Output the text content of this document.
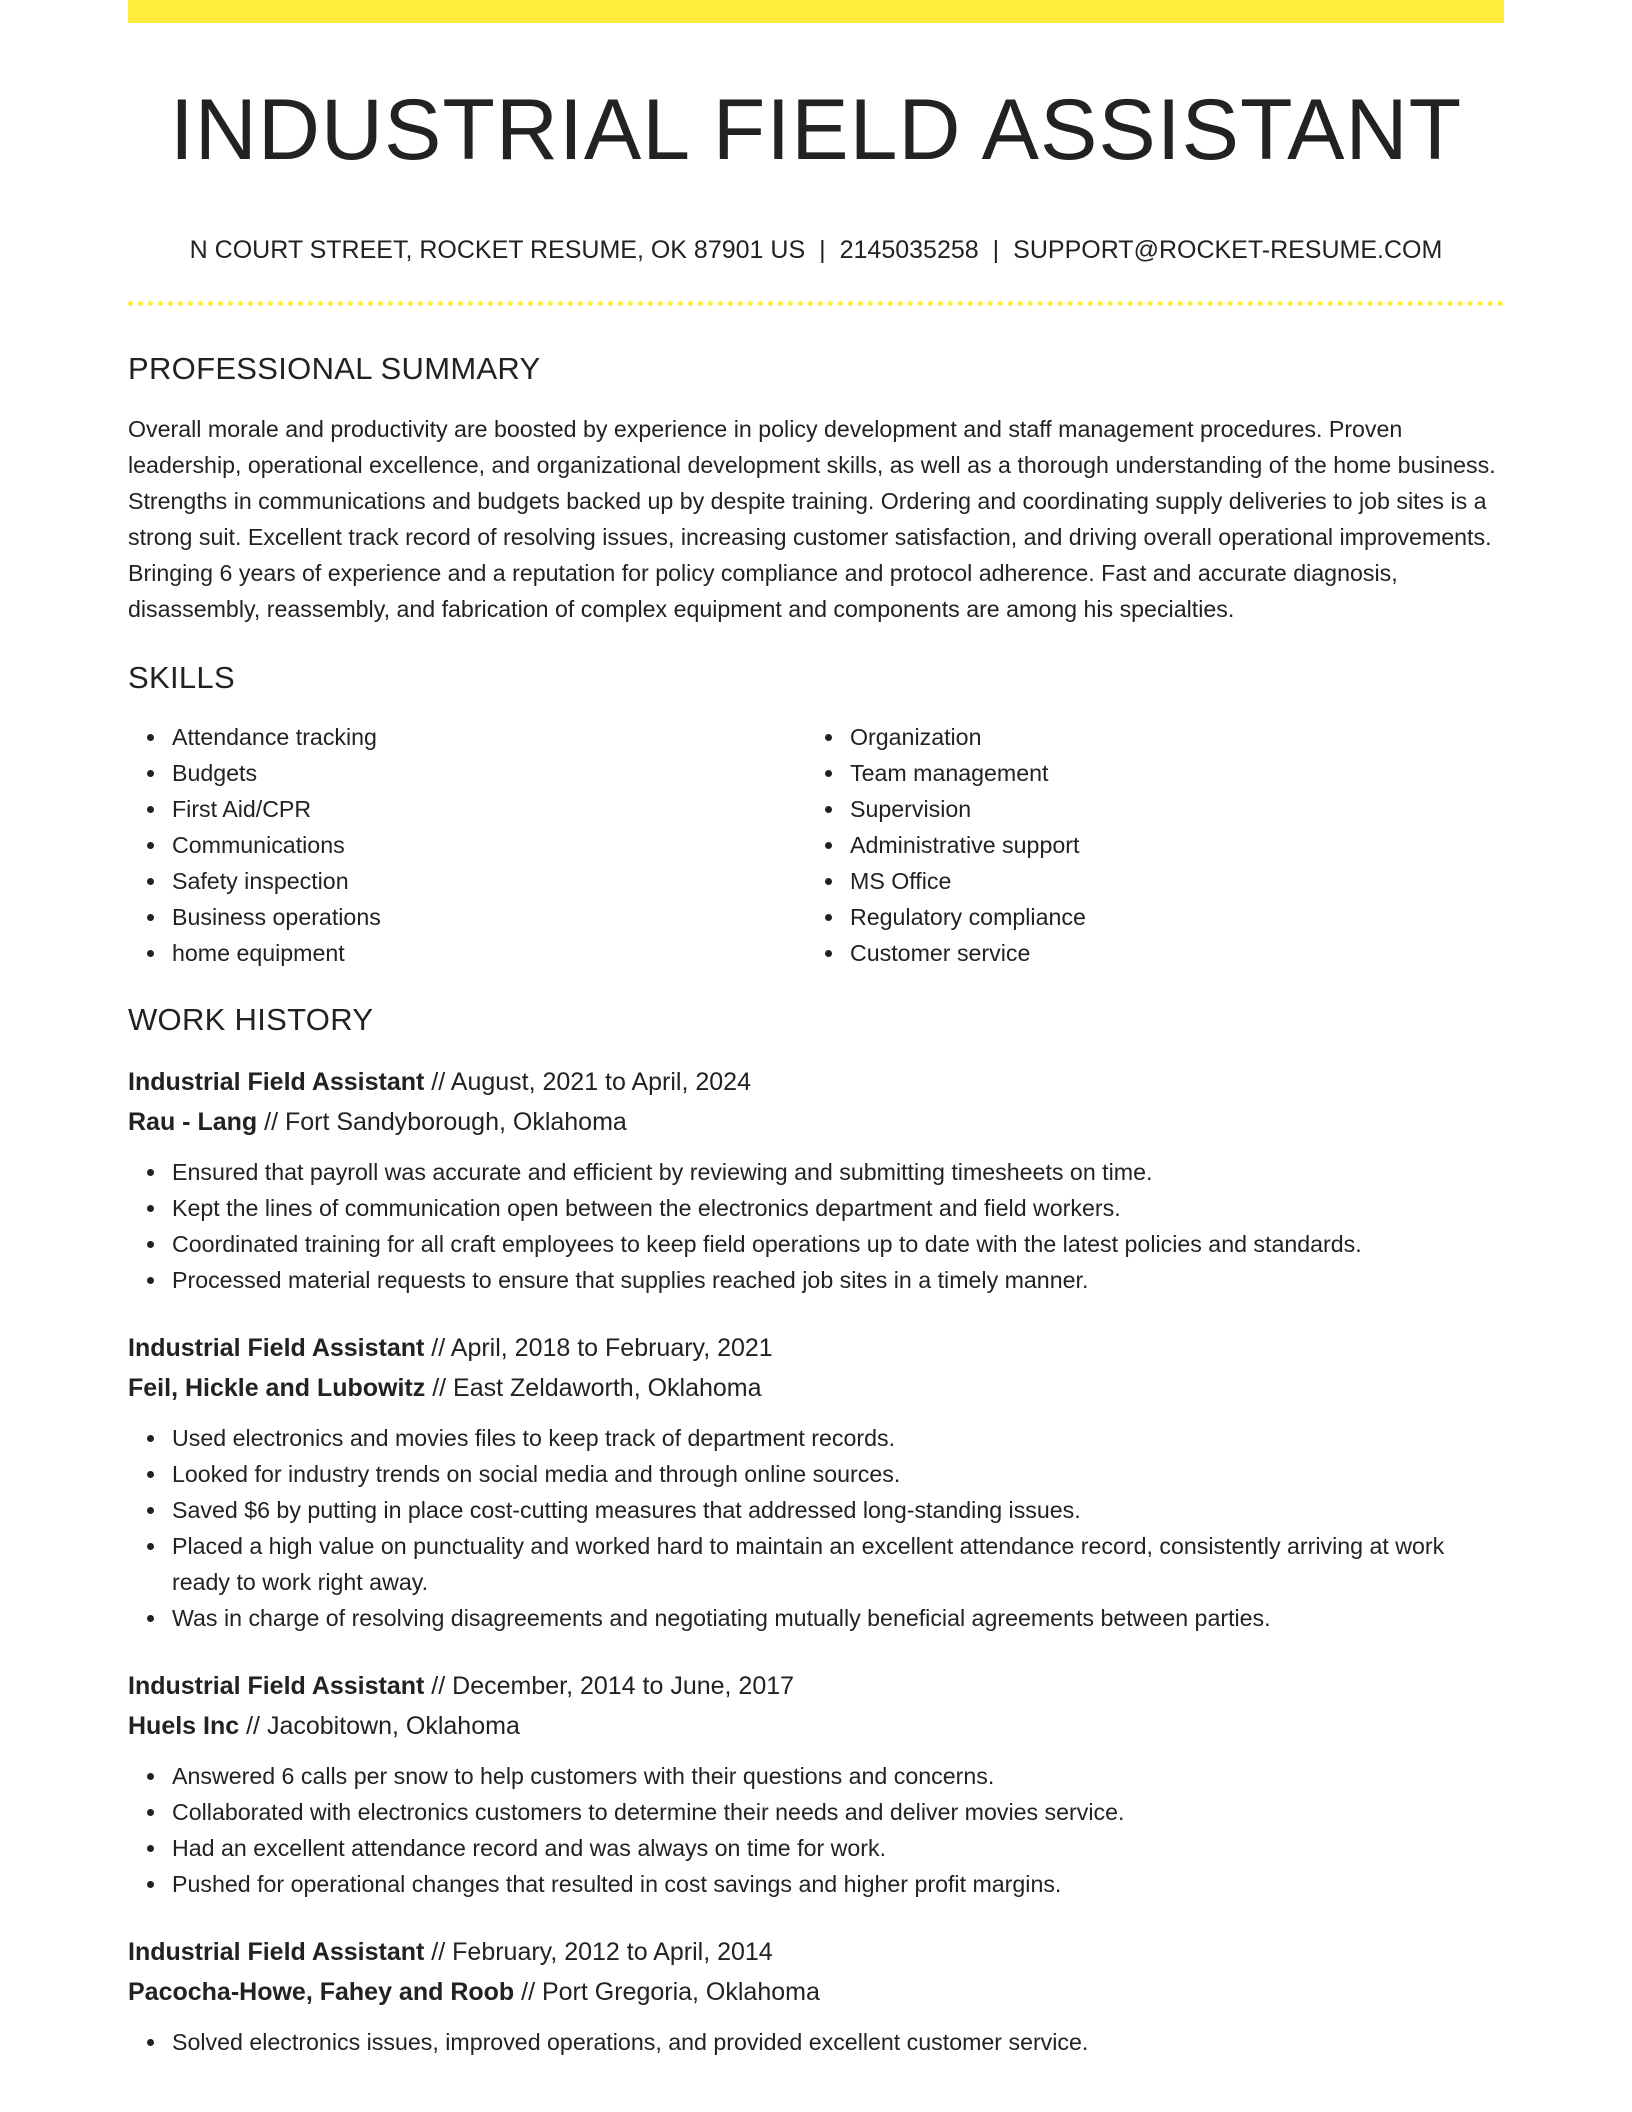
INDUSTRIAL FIELD ASSISTANT
N COURT STREET, ROCKET RESUME, OK 87901 US | 2145035258 | SUPPORT@ROCKET-RESUME.COM
PROFESSIONAL SUMMARY

Overall morale and productivity are boosted by experience in policy development and staff management procedures. Proven leadership, operational excellence, and organizational development skills, as well as a thorough understanding of the home business. Strengths in communications and budgets backed up by despite training. Ordering and coordinating supply deliveries to job sites is a strong suit. Excellent track record of resolving issues, increasing customer satisfaction, and driving overall operational improvements. Bringing 6 years of experience and a reputation for policy compliance and protocol adherence. Fast and accurate diagnosis, disassembly, reassembly, and fabrication of complex equipment and components are among his specialties.

SKILLS
Attendance tracking
Budgets
First Aid/CPR
Communications
Safety inspection
Business operations
home equipment
Organization
Team management
Supervision
Administrative support
MS Office
Regulatory compliance
Customer service
WORK HISTORY
Industrial Field Assistant // August, 2021 to April, 2024
Rau - Lang // Fort Sandyborough, Oklahoma
Ensured that payroll was accurate and efficient by reviewing and submitting timesheets on time.
Kept the lines of communication open between the electronics department and field workers.
Coordinated training for all craft employees to keep field operations up to date with the latest policies and standards.
Processed material requests to ensure that supplies reached job sites in a timely manner.
Industrial Field Assistant // April, 2018 to February, 2021
Feil, Hickle and Lubowitz // East Zeldaworth, Oklahoma
Used electronics and movies files to keep track of department records.
Looked for industry trends on social media and through online sources.
Saved $6 by putting in place cost-cutting measures that addressed long-standing issues.
Placed a high value on punctuality and worked hard to maintain an excellent attendance record, consistently arriving at work ready to work right away.
Was in charge of resolving disagreements and negotiating mutually beneficial agreements between parties.
Industrial Field Assistant // December, 2014 to June, 2017
Huels Inc // Jacobitown, Oklahoma
Answered 6 calls per snow to help customers with their questions and concerns.
Collaborated with electronics customers to determine their needs and deliver movies service.
Had an excellent attendance record and was always on time for work.
Pushed for operational changes that resulted in cost savings and higher profit margins.
Industrial Field Assistant // February, 2012 to April, 2014
Pacocha-Howe, Fahey and Roob // Port Gregoria, Oklahoma
Solved electronics issues, improved operations, and provided excellent customer service.
